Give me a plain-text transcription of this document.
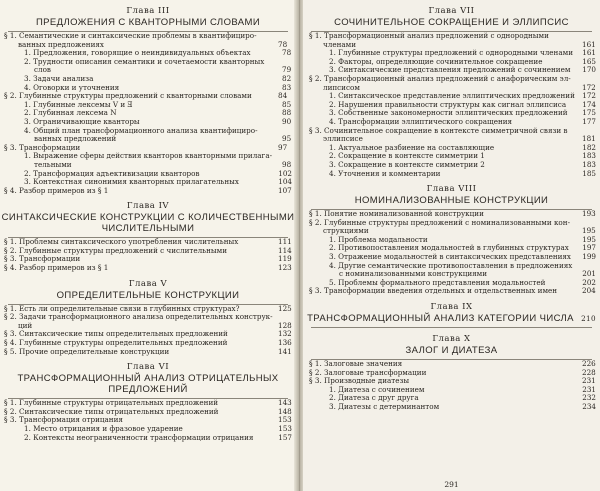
Глава III
ПРЕДЛОЖЕНИЯ С КВАНТОРНЫМИ СЛОВАМИ
§ 1. Семантические и синтаксические проблемы в квантифицированных предложениях	78
1. Предложения, говорящие о неиндивидуальных объектах	78
2. Трудности описания семантики и сочетаемости кванторных слов	79
3. Задачи анализа	82
4. Оговорки и уточнения	83
§ 2. Глубинные структуры предложений с кванторными словами	84
1. Глубинные лексемы V и Ǝ	85
2. Глубинная лексема N	88
3. Ограничивающие кванторы	90
4. Общий план трансформационного анализа квантифицированных предложений	95
§ 3. Трансформации	97
1. Выражение сферы действия кванторов кванторными прилагательными	98
2. Трансформация адъективизации кванторов	102
3. Контекстная синонимия кванторных прилагательных	104
§ 4. Разбор примеров из § 1	107
Глава IV
СИНТАКСИЧЕСКИЕ КОНСТРУКЦИИ С КОЛИЧЕСТВЕННЫМИ ЧИСЛИТЕЛЬНЫМИ
§ 1. Проблемы синтаксического употребления числительных	111
§ 2. Глубинные структуры предложений с числительными	114
§ 3. Трансформации	119
§ 4. Разбор примеров из § 1	123
Глава V
ОПРЕДЕЛИТЕЛЬНЫЕ КОНСТРУКЦИИ
§ 1. Есть ли определительные связи в глубинных структурах?	125
§ 2. Задачи трансформационного анализа определительных конструкций	128
§ 3. Синтаксические типы определительных предложений	132
§ 4. Глубинные структуры определительных предложений	136
§ 5. Прочие определительные конструкции	141
Глава VI
ТРАНСФОРМАЦИОННЫЙ АНАЛИЗ ОТРИЦАТЕЛЬНЫХ ПРЕДЛОЖЕНИЙ
§ 1. Глубинные структуры отрицательных предложений	143
§ 2. Синтаксические типы отрицательных предложений	148
§ 3. Трансформация отрицания	153
1. Место отрицания и фразовое ударение	153
2. Контексты неограниченности трансформации отрицания	157
Глава VII
СОЧИНИТЕЛЬНОЕ СОКРАЩЕНИЕ И ЭЛЛИПСИС
§ 1. Трансформационный анализ предложений с однородными членами	161
1. Глубинные структуры предложений с однородными членами	161
2. Факторы, определяющие сочинительное сокращение	165
3. Синтаксические представления предложений с сочинением	170
§ 2. Трансформационный анализ предложений с анафорическим эллипсисом	172
1. Синтаксическое представление эллиптических предложений	172
2. Нарушения правильности структуры как сигнал эллипсиса	174
3. Собственные закономерности эллиптических предложений	175
4. Трансформации эллиптического сокращения	177
§ 3. Сочинительное сокращение в контексте симметричной связи в эллипсисе	181
1. Актуальное разбиение на составляющие	182
2. Сокращение в контексте симметрии 1	183
3. Сокращение в контексте симметрии 2	183
4. Уточнения и комментарии	185
Глава VIII
НОМИНАЛИЗОВАННЫЕ КОНСТРУКЦИИ
§ 1. Понятие номинализованной конструкции	193
§ 2. Глубинные структуры предложений с номинализованными конструкциями	195
1. Проблема модальности	195
2. Противопоставления модальностей в глубинных структурах	197
3. Отражение модальностей в синтаксических представлениях	199
4. Другие семантические противопоставления в предложениях с номинализованными конструкциями	201
5. Проблемы формального представления модальностей	202
§ 3. Трансформации введения отдельных и отдельственных имен	204
Глава IX
ТРАНСФОРМАЦИОННЫЙ АНАЛИЗ КАТЕГОРИИ ЧИСЛА 210
Глава X
ЗАЛОГ И ДИАТЕЗА
§ 1. Залоговые значения	226
§ 2. Залоговые трансформации	228
§ 3. Производные диатезы	231
1. Диатеза с сочинением	231
2. Диатеза с друг друга	232
3. Диатезы с детерминантом	234
291
